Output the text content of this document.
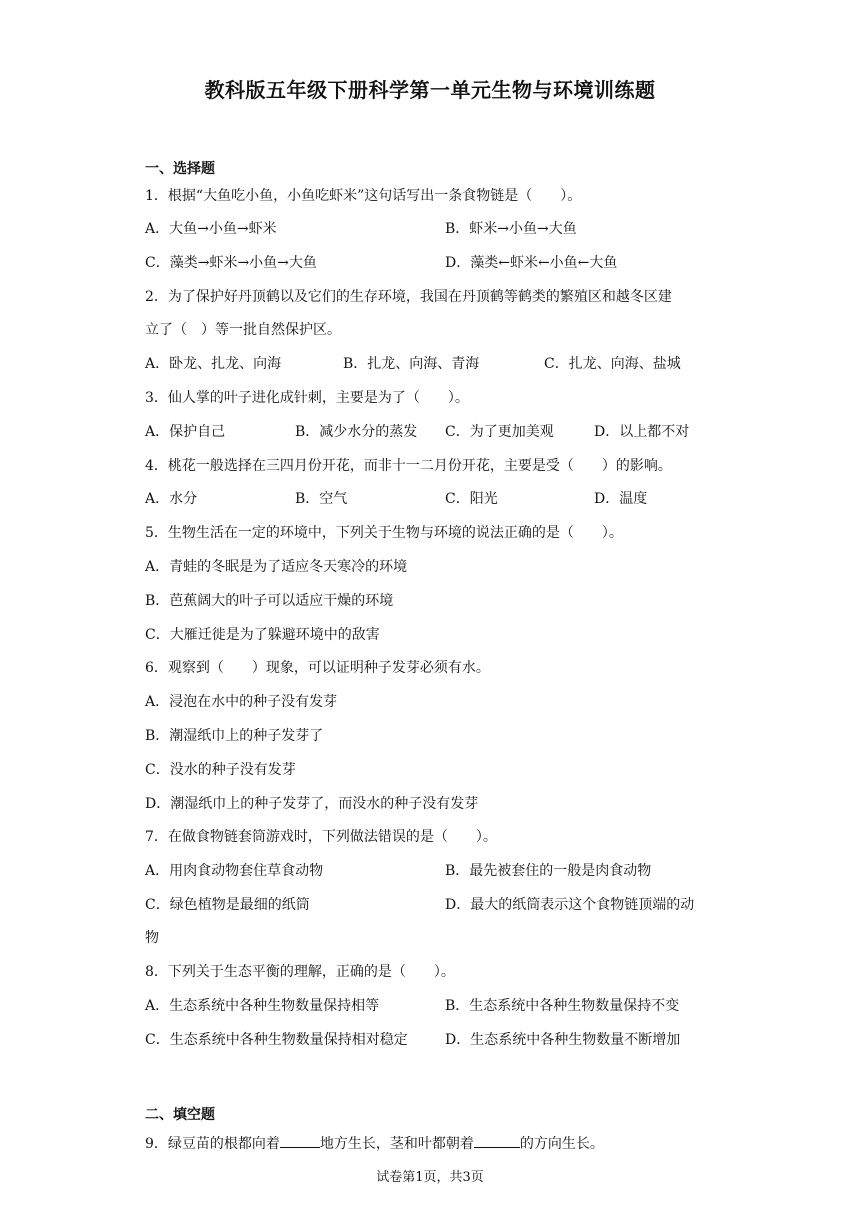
教科版五年级下册科学第一单元生物与环境训练题
一、选择题
1．根据“大鱼吃小鱼，小鱼吃虾米”这句话写出一条食物链是（　　）。
A．大鱼→小鱼→虾米	B．虾米→小鱼→大鱼
C．藻类→虾米→小鱼→大鱼	D．藻类←虾米←小鱼←大鱼
2．为了保护好丹顶鹤以及它们的生存环境，我国在丹顶鹤等鹤类的繁殖区和越冬区建
立了（　）等一批自然保护区。
A．卧龙、扎龙、向海	B．扎龙、向海、青海	C．扎龙、向海、盐城
3．仙人掌的叶子进化成针刺，主要是为了（　　）。
A．保护自己	B．减少水分的蒸发 C．为了更加美观	D．以上都不对
4．桃花一般选择在三四月份开花，而非十一二月份开花，主要是受（　　）的影响。
A．水分	B．空气	C．阳光	D．温度
5．生物生活在一定的环境中，下列关于生物与环境的说法正确的是（　　）。
A．青蛙的冬眠是为了适应冬天寒冷的环境
B．芭蕉阔大的叶子可以适应干燥的环境
C．大雁迁徙是为了躲避环境中的敌害
6．观察到（　　）现象，可以证明种子发芽必须有水。
A．浸泡在水中的种子没有发芽
B．潮湿纸巾上的种子发芽了
C．没水的种子没有发芽
D．潮湿纸巾上的种子发芽了，而没水的种子没有发芽
7．在做食物链套筒游戏时，下列做法错误的是（　　）。
A．用肉食动物套住草食动物	B．最先被套住的一般是肉食动物
C．绿色植物是最细的纸筒	D．最大的纸筒表示这个食物链顶端的动
物
8．下列关于生态平衡的理解，正确的是（　　）。
A．生态系统中各种生物数量保持相等	B．生态系统中各种生物数量保持不变
C．生态系统中各种生物数量保持相对稳定	D．生态系统中各种生物数量不断增加
二、填空题
9．绿豆苗的根都向着	地方生长，茎和叶都朝着	的方向生长。
试卷第1页，共3页
